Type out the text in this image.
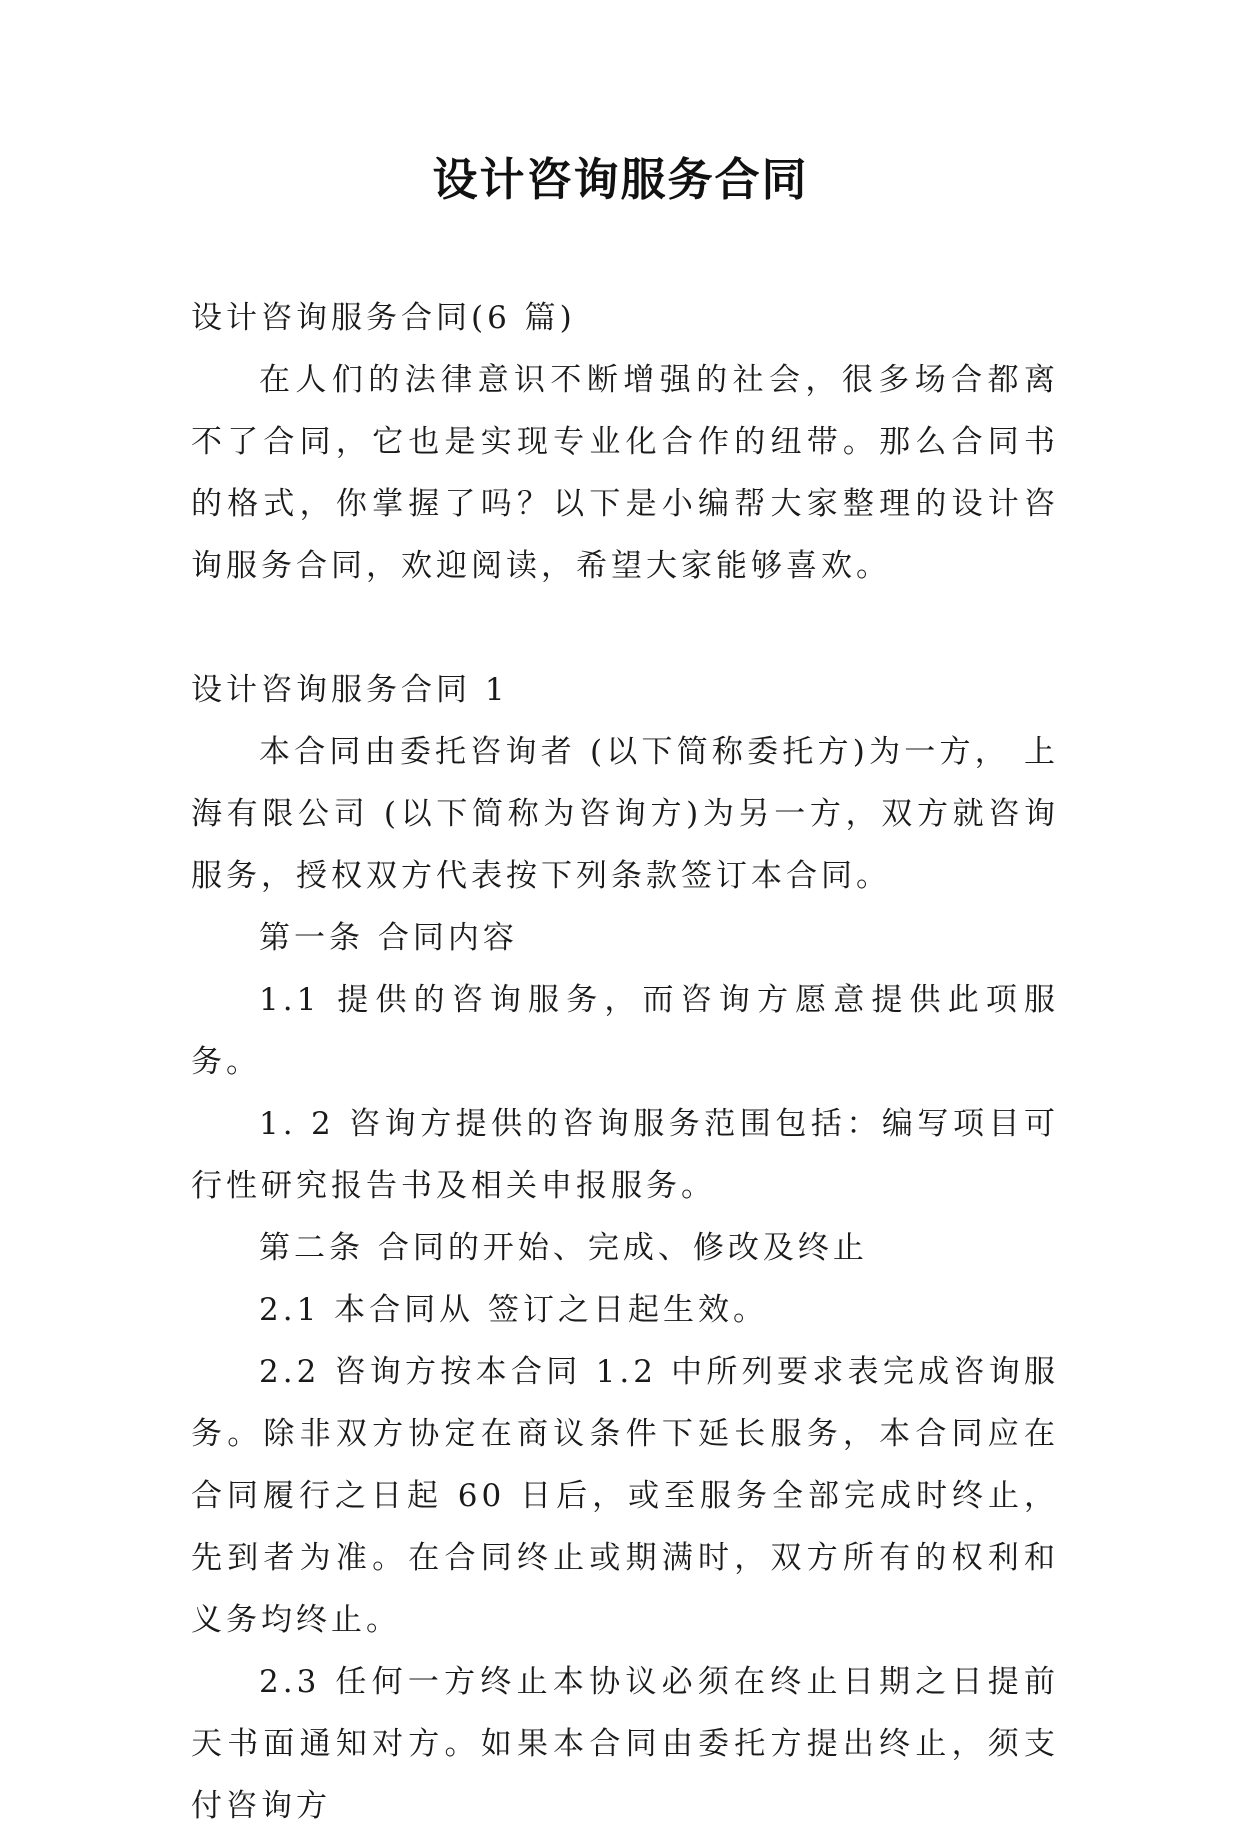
设计咨询服务合同

设计咨询服务合同(6 篇)

在人们的法律意识不断增强的社会，很多场合都离不了合同，它也是实现专业化合作的纽带。那么合同书的格式，你掌握了吗？以下是小编帮大家整理的设计咨询服务合同，欢迎阅读，希望大家能够喜欢。

设计咨询服务合同 1

本合同由委托咨询者 (以下简称委托方)为一方， 上海有限公司 (以下简称为咨询方)为另一方，双方就咨询服务，授权双方代表按下列条款签订本合同。

第一条 合同内容

1.1 提供的咨询服务，而咨询方愿意提供此项服务。

1. 2 咨询方提供的咨询服务范围包括：编写项目可行性研究报告书及相关申报服务。

第二条 合同的开始、完成、修改及终止

2.1 本合同从 签订之日起生效。

2.2 咨询方按本合同 1.2 中所列要求表完成咨询服务。除非双方协定在商议条件下延长服务，本合同应在合同履行之日起 60 日后，或至服务全部完成时终止，先到者为准。在合同终止或期满时，双方所有的权利和义务均终止。

2.3 任何一方终止本协议必须在终止日期之日提前天书面通知对方。如果本合同由委托方提出终止，须支付咨询方
